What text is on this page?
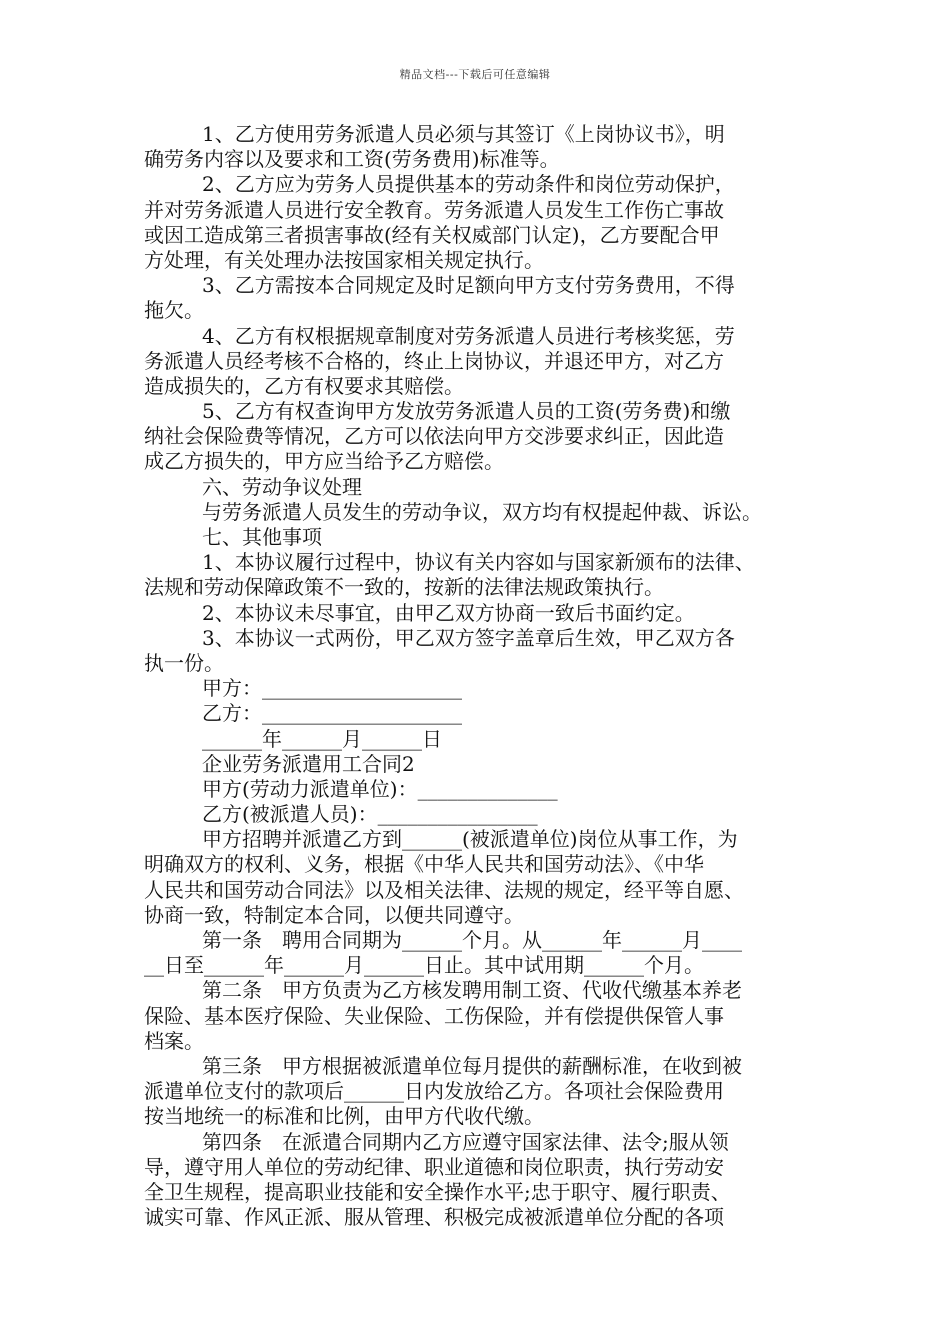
精品文档---下载后可任意编辑
1、乙方使用劳务派遣人员必须与其签订《上岗协议书》，明
确劳务内容以及要求和工资(劳务费用)标准等。
2、乙方应为劳务人员提供基本的劳动条件和岗位劳动保护，
并对劳务派遣人员进行安全教育。劳务派遣人员发生工作伤亡事故
或因工造成第三者损害事故(经有关权威部门认定)，乙方要配合甲
方处理，有关处理办法按国家相关规定执行。
3、乙方需按本合同规定及时足额向甲方支付劳务费用，不得
拖欠。
4、乙方有权根据规章制度对劳务派遣人员进行考核奖惩，劳
务派遣人员经考核不合格的，终止上岗协议，并退还甲方，对乙方
造成损失的，乙方有权要求其赔偿。
5、乙方有权查询甲方发放劳务派遣人员的工资(劳务费)和缴
纳社会保险费等情况，乙方可以依法向甲方交涉要求纠正，因此造
成乙方损失的，甲方应当给予乙方赔偿。
六、劳动争议处理
与劳务派遣人员发生的劳动争议，双方均有权提起仲裁、诉讼。
七、其他事项
1、本协议履行过程中，协议有关内容如与国家新颁布的法律、
法规和劳动保障政策不一致的，按新的法律法规政策执行。
2、本协议未尽事宜，由甲乙双方协商一致后书面约定。
3、本协议一式两份，甲乙双方签字盖章后生效，甲乙双方各
执一份。
甲方：____________________
乙方：____________________
______年______月______日
企业劳务派遣用工合同2
甲方(劳动力派遣单位)：______________
乙方(被派遣人员)：________________
甲方招聘并派遣乙方到______(被派遣单位)岗位从事工作，为
明确双方的权利、义务，根据《中华人民共和国劳动法》、《中华
人民共和国劳动合同法》以及相关法律、法规的规定，经平等自愿、
协商一致，特制定本合同，以便共同遵守。
第一条　聘用合同期为______个月。从______年______月____
__日至______年______月______日止。其中试用期______个月。
第二条　甲方负责为乙方核发聘用制工资、代收代缴基本养老
保险、基本医疗保险、失业保险、工伤保险，并有偿提供保管人事
档案。
第三条　甲方根据被派遣单位每月提供的薪酬标准，在收到被
派遣单位支付的款项后______日内发放给乙方。各项社会保险费用
按当地统一的标准和比例，由甲方代收代缴。
第四条　在派遣合同期内乙方应遵守国家法律、法令;服从领
导，遵守用人单位的劳动纪律、职业道德和岗位职责，执行劳动安
全卫生规程，提高职业技能和安全操作水平;忠于职守、履行职责、
诚实可靠、作风正派、服从管理、积极完成被派遣单位分配的各项
